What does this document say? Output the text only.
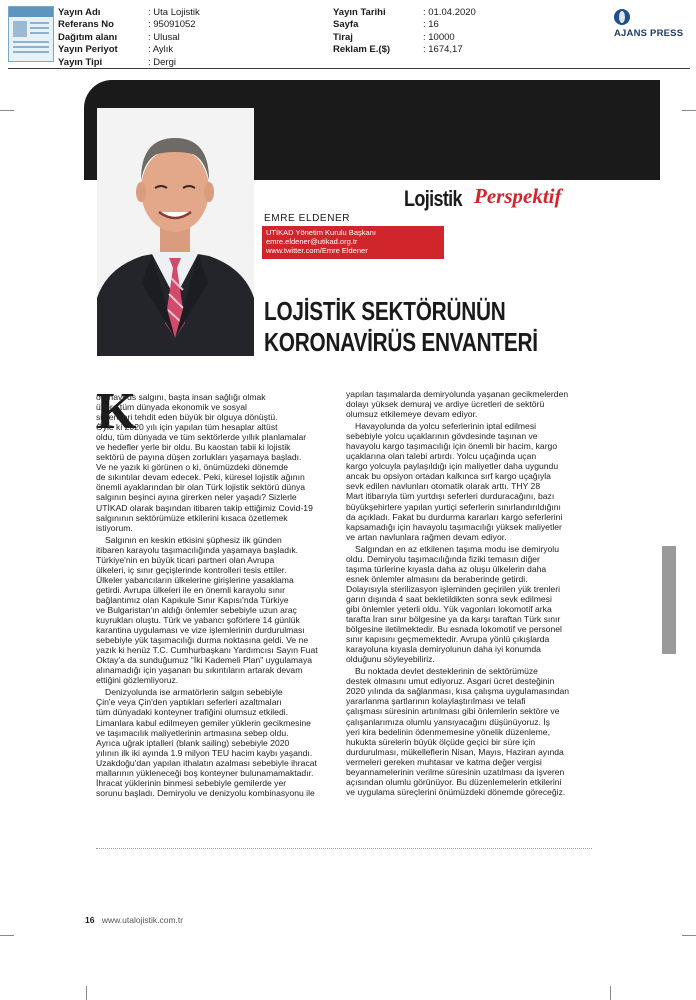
Yayın Adı	: Uta Lojistik
Referans No	: 95091052
Dağıtım alanı	: Ulusal
Yayın Periyot	: Aylık
Yayın Tipi	: Dergi
Yayın Tarihi	: 01.04.2020
Sayfa	: 16
Tiraj	: 10000
Reklam E.($)	: 1674,17
AJANS PRESS
Lojistik Perspektif
EMRE ELDENER
UTİKAD Yönetim Kurulu Başkanı
emre.eldener@utikad.org.tr
www.twitter.com/Emre Eldener
LOJİSTİK SEKTÖRÜNÜN
KORONAVİRÜS ENVANTERİ
K

oronavirüs salgını, başta insan sağlığı olmak
üzere tüm dünyada ekonomik ve sosyal
sistemleri tehdit eden büyük bir olguya dönüştü.
Öyle ki 2020 yılı için yapılan tüm hesaplar altüst
oldu, tüm dünyada ve tüm sektörlerde yıllık planlamalar
ve hedefler yerle bir oldu. Bu kaostan tabii ki lojistik
sektörü de payına düşen zorlukları yaşamaya başladı.
Ve ne yazık ki görünen o ki, önümüzdeki dönemde
de sıkıntılar devam edecek. Peki, küresel lojistik ağının
önemli ayaklarından bir olan Türk lojistik sektörü dünya
salgının beşinci ayına girerken neler yaşadı? Sizlerle
UTİKAD olarak başından itibaren takip ettiğimiz Covid-19
salgınının sektörümüze etkilerini kısaca özetlemek
istiyorum.

Salgının en keskin etkisini şüphesiz ilk günden
itibaren karayolu taşımacılığında yaşamaya başladık.
Türkiye'nin en büyük ticari partneri olan Avrupa
ülkeleri, iç sınır geçişlerinde kontrolleri tesis ettiler.
Ülkeler yabancıların ülkelerine girişlerine yasaklama
getirdi. Avrupa ülkeleri ile en önemli karayolu sınır
bağlantımız olan Kapıkule Sınır Kapısı'nda Türkiye
ve Bulgaristan'ın aldığı önlemler sebebiyle uzun araç
kuyrukları oluştu. Türk ve yabancı şoförlere 14 günlük
karantina uygulaması ve vize işlemlerinin durdurulması
sebebiyle yük taşımacılığı durma noktasına geldi. Ve ne
yazık ki henüz T.C. Cumhurbaşkanı Yardımcısı Sayın Fuat
Oktay'a da sunduğumuz "İki Kademeli Plan" uygulamaya
alınamadığı için yaşanan bu sıkıntıların artarak devam
ettiğini gözlemliyoruz.

Denizyolunda ise armatörlerin salgın sebebiyle
Çin'e veya Çin'den yaptıkları seferleri azaltmaları
tüm dünyadaki konteyner trafiğini olumsuz etkiledi.
Limanlara kabul edilmeyen gemiler yüklerin gecikmesine
ve taşımacılık maliyetlerinin artmasına sebep oldu.
Ayrıca uğrak iptalleri (blank sailing) sebebiyle 2020
yılının ilk iki ayında 1.9 milyon TEU hacim kaybı yaşandı.
Uzakdoğu'dan yapılan ithalatın azalması sebebiyle ihracat
mallarının yükleneceği boş konteyner bulunamamaktadır.
İhracat yüklerinin binmesi sebebiyle gemilerde yer
sorunu başladı. Demiryolu ve denizyolu kombinasyonu ile

yapılan taşımalarda demiryolunda yaşanan gecikmelerden
dolayı yüksek demuraj ve ardiye ücretleri de sektörü
olumsuz etkilemeye devam ediyor.

Havayolunda da yolcu seferlerinin iptal edilmesi
sebebiyle yolcu uçaklarının gövdesinde taşınan ve
havayolu kargo taşımacılığı için önemli bir hacim, kargo
uçaklarına olan talebi artırdı. Yolcu uçağında uçan
kargo yolcuyla paylaşıldığı için maliyetler daha uygundu
ancak bu opsiyon ortadan kalkınca sırf kargo uçağıyla
sevk edilen navlunları otomatik olarak arttı. THY 28
Mart itibarıyla tüm yurtdışı seferleri durduracağını, bazı
büyükşehirlere yapılan yurtiçi seferlerin sınırlandırıldığını
da açıkladı. Fakat bu durdurma kararları kargo seferlerini
kapsamadığı için havayolu taşımacılığı yüksek maliyetler
ve artan navlunlara rağmen devam ediyor.

Salgından en az etkilenen taşıma modu ise demiryolu
oldu. Demiryolu taşımacılığında fiziki temasın diğer
taşıma türlerine kıyasla daha az oluşu ülkelerin daha
esnek önlemler almasını da beraberinde getirdi.
Dolayısıyla sterilizasyon işleminden geçirilen yük trenleri
garın dışında 4 saat bekletildikten sonra sevk edilmesi
gibi önlemler yeterli oldu. Yük vagonları lokomotif arka
tarafta İran sınır bölgesine ya da karşı taraftan Türk sınır
bölgesine iletilmektedir. Bu esnada lokomotif ve personel
sınır kapısını geçmemektedir. Avrupa yönlü çıkışlarda
karayoluna kıyasla demiryolunun daha iyi konumda
olduğunu söyleyebiliriz.

Bu noktada devlet desteklerinin de sektörümüze
destek olmasını umut ediyoruz. Asgari ücret desteğinin
2020 yılında da sağlanması, kısa çalışma uygulamasından
yararlanma şartlarının kolaylaştırılması ve telafi
çalışması süresinin artırılması gibi önlemlerin sektöre ve
çalışanlarımıza olumlu yansıyacağını düşünüyoruz. İş
yeri kira bedelinin ödenmemesine yönelik düzenleme,
hukukta sürelerin büyük ölçüde geçici bir süre için
durdurulması, mükelleflerin Nisan, Mayıs, Haziran ayında
vermeleri gereken muhtasar ve katma değer vergisi
beyannamelerinin verilme süresinin uzatılması da işveren
açısından olumlu görünüyor. Bu düzenlemelerin etkilerini
ve uygulama süreçlerini önümüzdeki dönemde göreceğiz.

16 www.utalojistik.com.tr
